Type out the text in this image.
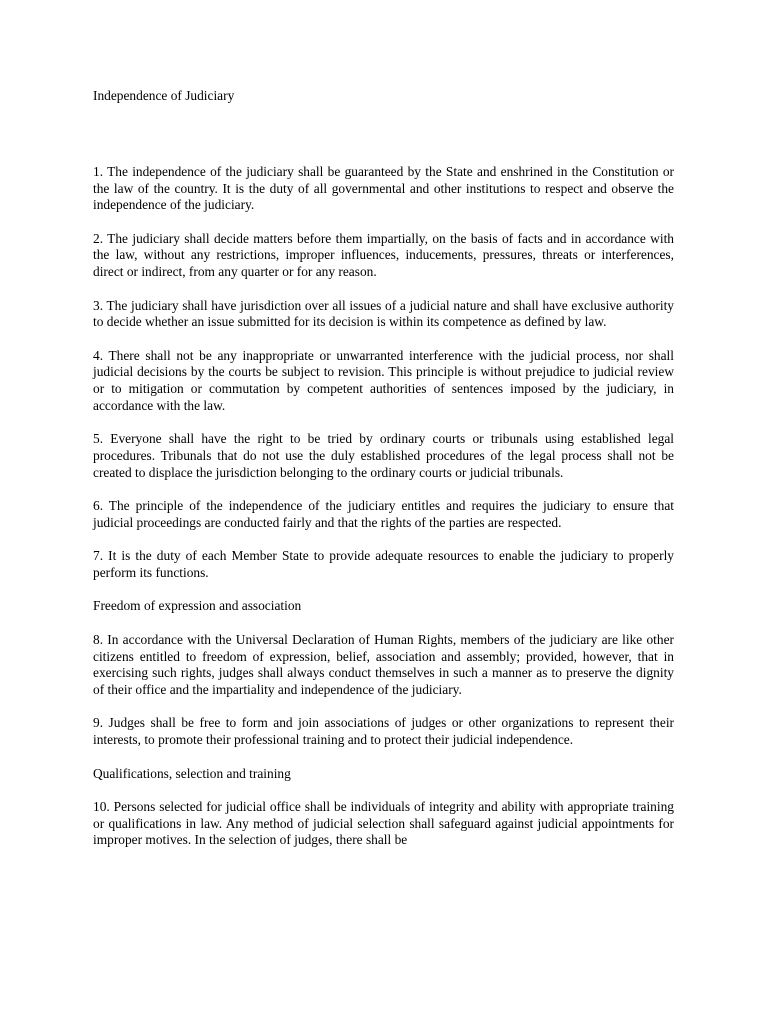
Independence of Judiciary

1. The independence of the judiciary shall be guaranteed by the State and enshrined in the Constitution or the law of the country. It is the duty of all governmental and other institutions to respect and observe the independence of the judiciary.

2. The judiciary shall decide matters before them impartially, on the basis of facts and in accordance with the law, without any restrictions, improper influences, inducements, pressures, threats or interferences, direct or indirect, from any quarter or for any reason.

3. The judiciary shall have jurisdiction over all issues of a judicial nature and shall have exclusive authority to decide whether an issue submitted for its decision is within its competence as defined by law.

4. There shall not be any inappropriate or unwarranted interference with the judicial process, nor shall judicial decisions by the courts be subject to revision. This principle is without prejudice to judicial review or to mitigation or commutation by competent authorities of sentences imposed by the judiciary, in accordance with the law.

5. Everyone shall have the right to be tried by ordinary courts or tribunals using established legal procedures. Tribunals that do not use the duly established procedures of the legal process shall not be created to displace the jurisdiction belonging to the ordinary courts or judicial tribunals.

6. The principle of the independence of the judiciary entitles and requires the judiciary to ensure that judicial proceedings are conducted fairly and that the rights of the parties are respected.

7. It is the duty of each Member State to provide adequate resources to enable the judiciary to properly perform its functions.

Freedom of expression and association

8. In accordance with the Universal Declaration of Human Rights, members of the judiciary are like other citizens entitled to freedom of expression, belief, association and assembly; provided, however, that in exercising such rights, judges shall always conduct themselves in such a manner as to preserve the dignity of their office and the impartiality and independence of the judiciary.

9. Judges shall be free to form and join associations of judges or other organizations to represent their interests, to promote their professional training and to protect their judicial independence.

Qualifications, selection and training

10. Persons selected for judicial office shall be individuals of integrity and ability with appropriate training or qualifications in law. Any method of judicial selection shall safeguard against judicial appointments for improper motives. In the selection of judges, there shall be
